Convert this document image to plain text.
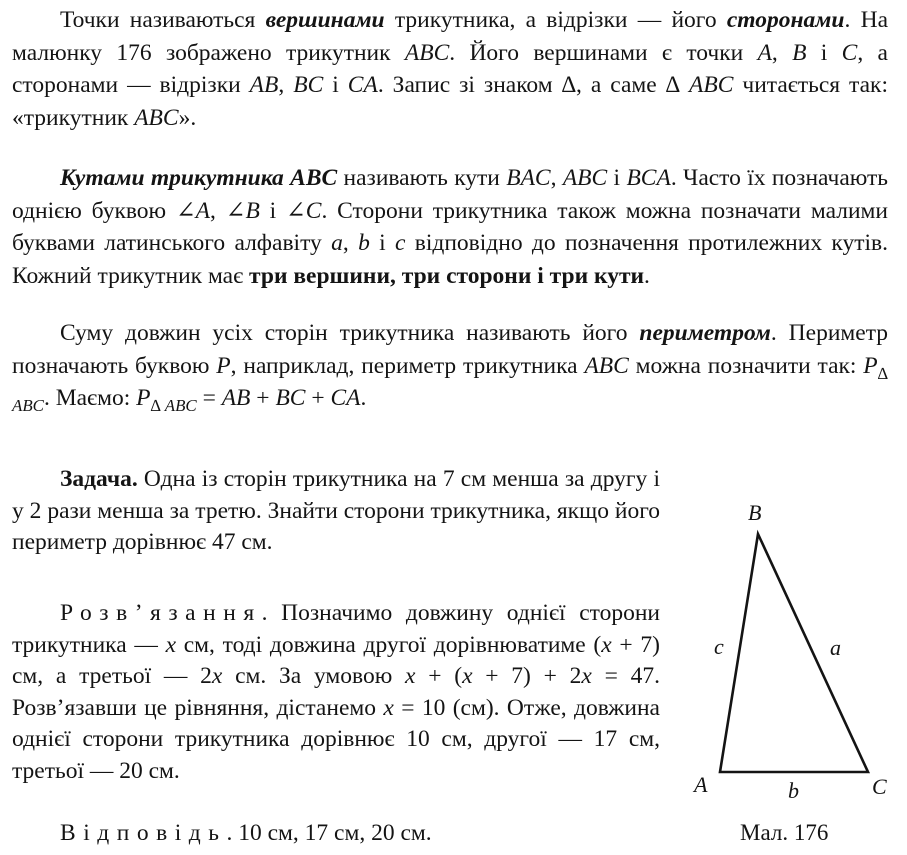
Точки називаються вершинами трикутника, а відрізки — його сторонами. На малюнку 176 зображено трикутник ABC. Його вершинами є точки A, B і C, а сторонами — відрізки AB, BC і CA. Запис зі знаком ∆, а саме ∆ ABC читається так: «трикутник ABC».

Кутами трикутника ABC називають кути BAC, ABC і BCA. Часто їх позначають однією буквою ∠A, ∠B і ∠C. Сторони трикутника також можна позначати малими буквами латинського алфавіту a, b і c відповідно до позначення протилежних кутів. Кожний трикутник має три вершини, три сторони і три кути.

Суму довжин усіх сторін трикутника називають його периметром. Периметр позначають буквою P, наприклад, периметр трикутника ABC можна позначити так: $P_{\Delta ABC}$. Маємо: $P_{\Delta ABC}$ = AB + BC + CA.

Задача. Одна із сторін трикутника на 7 см менша за другу і у 2 рази менша за третю. Знайти сторони трикутника, якщо його периметр дорівнює 47 см.

Розв’язання. Позначимо довжину однієї сторони трикутника — x см, тоді довжина другої дорівнюватиме (x + 7) см, а третьої — 2x см. За умовою x + (x + 7) + 2x = 47. Розв’язавши це рівняння, дістанемо x = 10 (см). Отже, довжина однієї сторони трикутника дорівнює 10 см, другої — 17 см, третьої — 20 см.

Відповідь. 10 см, 17 см, 20 см.

B
A	C
c	a
b

Мал. 176
